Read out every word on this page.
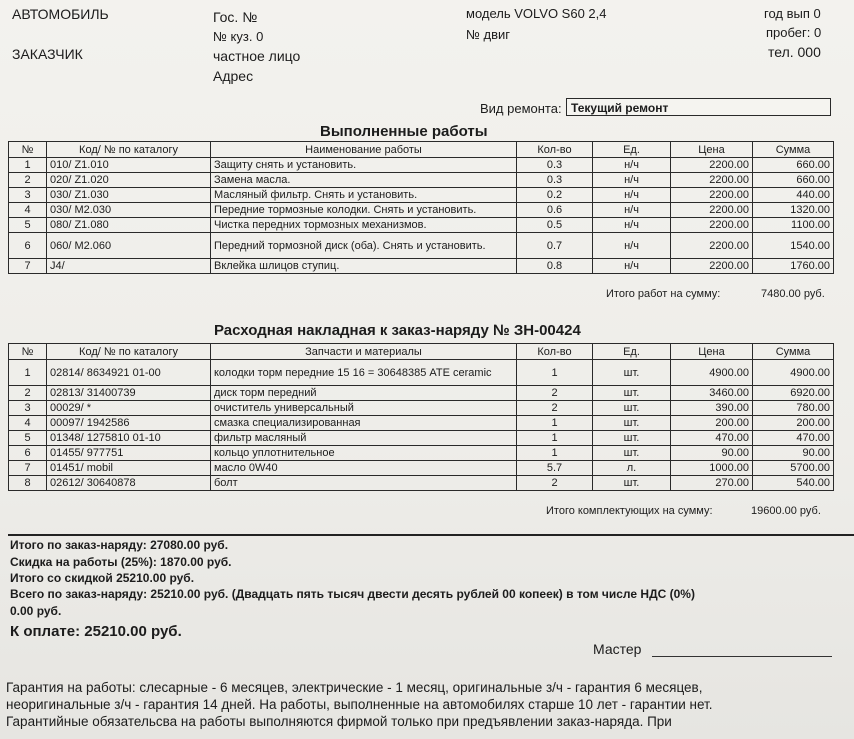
АВТОМОБИЛЬ
ЗАКАЗЧИК
Гос. №
№ куз. 0
частное лицо
Адрес
модель VOLVO S60 2,4
№ двиг
год вып 0
пробег: 0
тел. 000
Вид ремонта: Текущий ремонт
Выполненные работы
№	Код/ № по каталогу	Наименование работы	Кол-во	Ед.	Цена	Сумма
1	010/ Z1.010	Защиту снять и установить.	0.3	н/ч	2200.00	660.00
2	020/ Z1.020	Замена масла.	0.3	н/ч	2200.00	660.00
3	030/ Z1.030	Масляный фильтр. Снять и установить.	0.2	н/ч	2200.00	440.00
4	030/ M2.030	Передние тормозные колодки. Снять и установить.	0.6	н/ч	2200.00	1320.00
5	080/ Z1.080	Чистка передних тормозных механизмов.	0.5	н/ч	2200.00	1100.00
6	060/ M2.060	Передний тормозной диск (оба). Снять и установить.	0.7	н/ч	2200.00	1540.00
7	J4/	Вклейка шлицов ступиц.	0.8	н/ч	2200.00	1760.00
Итого работ на сумму:	7480.00 руб.
Расходная накладная к заказ-наряду № ЗН-00424
№	Код/ № по каталогу	Запчасти и материалы	Кол-во	Ед.	Цена	Сумма
1	02814/ 8634921 01-00	колодки торм передние 15 16 = 30648385 ATE ceramic	1	шт.	4900.00	4900.00
2	02813/ 31400739	диск торм передний	2	шт.	3460.00	6920.00
3	00029/ *	очиститель универсальный	2	шт.	390.00	780.00
4	00097/ 1942586	смазка специализированная	1	шт.	200.00	200.00
5	01348/ 1275810 01-10	фильтр масляный	1	шт.	470.00	470.00
6	01455/ 977751	кольцо уплотнительное	1	шт.	90.00	90.00
7	01451/ mobil	масло 0W40	5.7	л.	1000.00	5700.00
8	02612/ 30640878	болт	2	шт.	270.00	540.00
Итого комплектующих на сумму:	19600.00 руб.
Итого по заказ-наряду: 27080.00 руб.
Скидка на работы (25%): 1870.00 руб.
Итого со скидкой 25210.00 руб.
Всего по заказ-наряду: 25210.00 руб. (Двадцать пять тысяч двести десять рублей 00 копеек) в том числе НДС (0%)
0.00 руб.
К оплате: 25210.00 руб.
Мастер
Гарантия на работы: слесарные - 6 месяцев, электрические - 1 месяц, оригинальные з/ч - гарантия 6 месяцев,
неоригинальные з/ч - гарантия 14 дней. На работы, выполненные на автомобилях старше 10 лет - гарантии нет.
Гарантийные обязательсва на работы выполняются фирмой только при предъявлении заказ-наряда. При
